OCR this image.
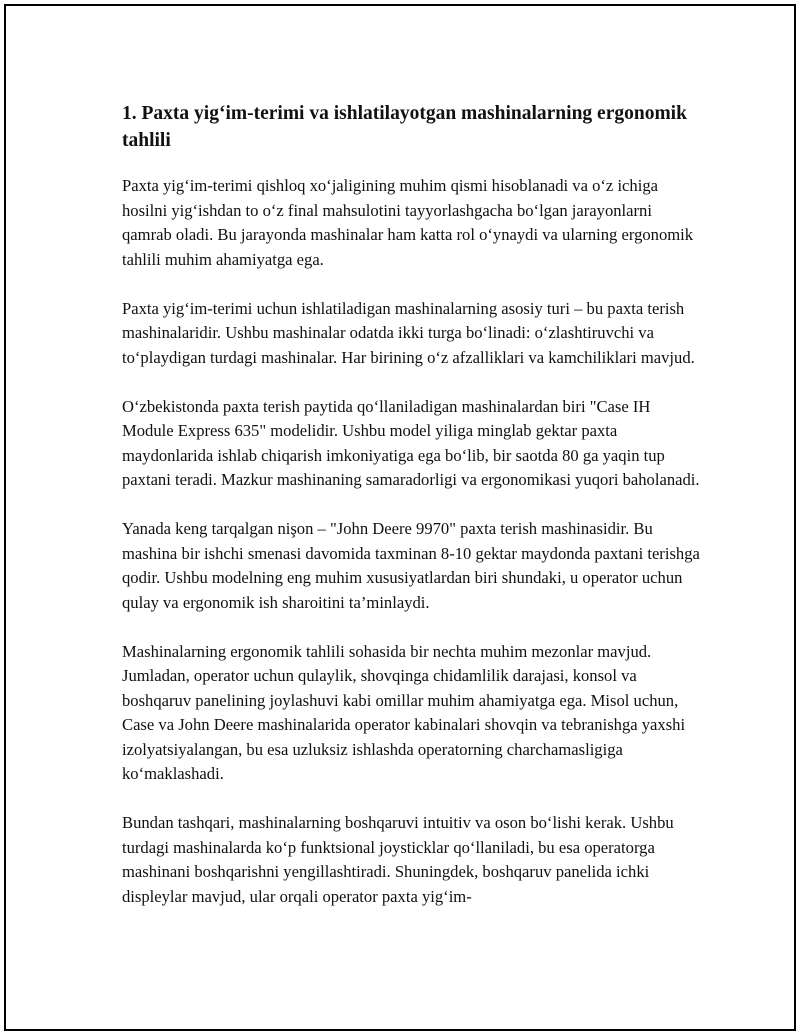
1. Paxta yig‘im-terimi va ishlatilayotgan mashinalarning ergonomik tahlili

Paxta yig‘im-terimi qishloq xo‘jaligining muhim qismi hisoblanadi va o‘z ichiga hosilni yig‘ishdan to o‘z final mahsulotini tayyorlashgacha bo‘lgan jarayonlarni qamrab oladi. Bu jarayonda mashinalar ham katta rol o‘ynaydi va ularning ergonomik tahlili muhim ahamiyatga ega.

Paxta yig‘im-terimi uchun ishlatiladigan mashinalarning asosiy turi – bu paxta terish mashinalaridir. Ushbu mashinalar odatda ikki turga bo‘linadi: o‘zlashtiruvchi va to‘playdigan turdagi mashinalar. Har birining o‘z afzalliklari va kamchiliklari mavjud.

O‘zbekistonda paxta terish paytida qo‘llaniladigan mashinalardan biri "Case IH Module Express 635" modelidir. Ushbu model yiliga minglab gektar paxta maydonlarida ishlab chiqarish imkoniyatiga ega bo‘lib, bir saotda 80 ga yaqin tup paxtani teradi. Mazkur mashinaning samaradorligi va ergonomikasi yuqori baholanadi.

Yanada keng tarqalgan nişon – "John Deere 9970" paxta terish mashinasidir. Bu mashina bir ishchi smenasi davomida taxminan 8-10 gektar maydonda paxtani terishga qodir. Ushbu modelning eng muhim xususiyatlardan biri shundaki, u operator uchun qulay va ergonomik ish sharoitini ta’minlaydi.

Mashinalarning ergonomik tahlili sohasida bir nechta muhim mezonlar mavjud. Jumladan, operator uchun qulaylik, shovqinga chidamlilik darajasi, konsol va boshqaruv panelining joylashuvi kabi omillar muhim ahamiyatga ega. Misol uchun, Case va John Deere mashinalarida operator kabinalari shovqin va tebranishga yaxshi izolyatsiyalangan, bu esa uzluksiz ishlashda operatorning charchamasligiga ko‘maklashadi.

Bundan tashqari, mashinalarning boshqaruvi intuitiv va oson bo‘lishi kerak. Ushbu turdagi mashinalarda ko‘p funktsional joysticklar qo‘llaniladi, bu esa operatorga mashinani boshqarishni yengillashtiradi. Shuningdek, boshqaruv panelida ichki displeylar mavjud, ular orqali operator paxta yig‘im-
